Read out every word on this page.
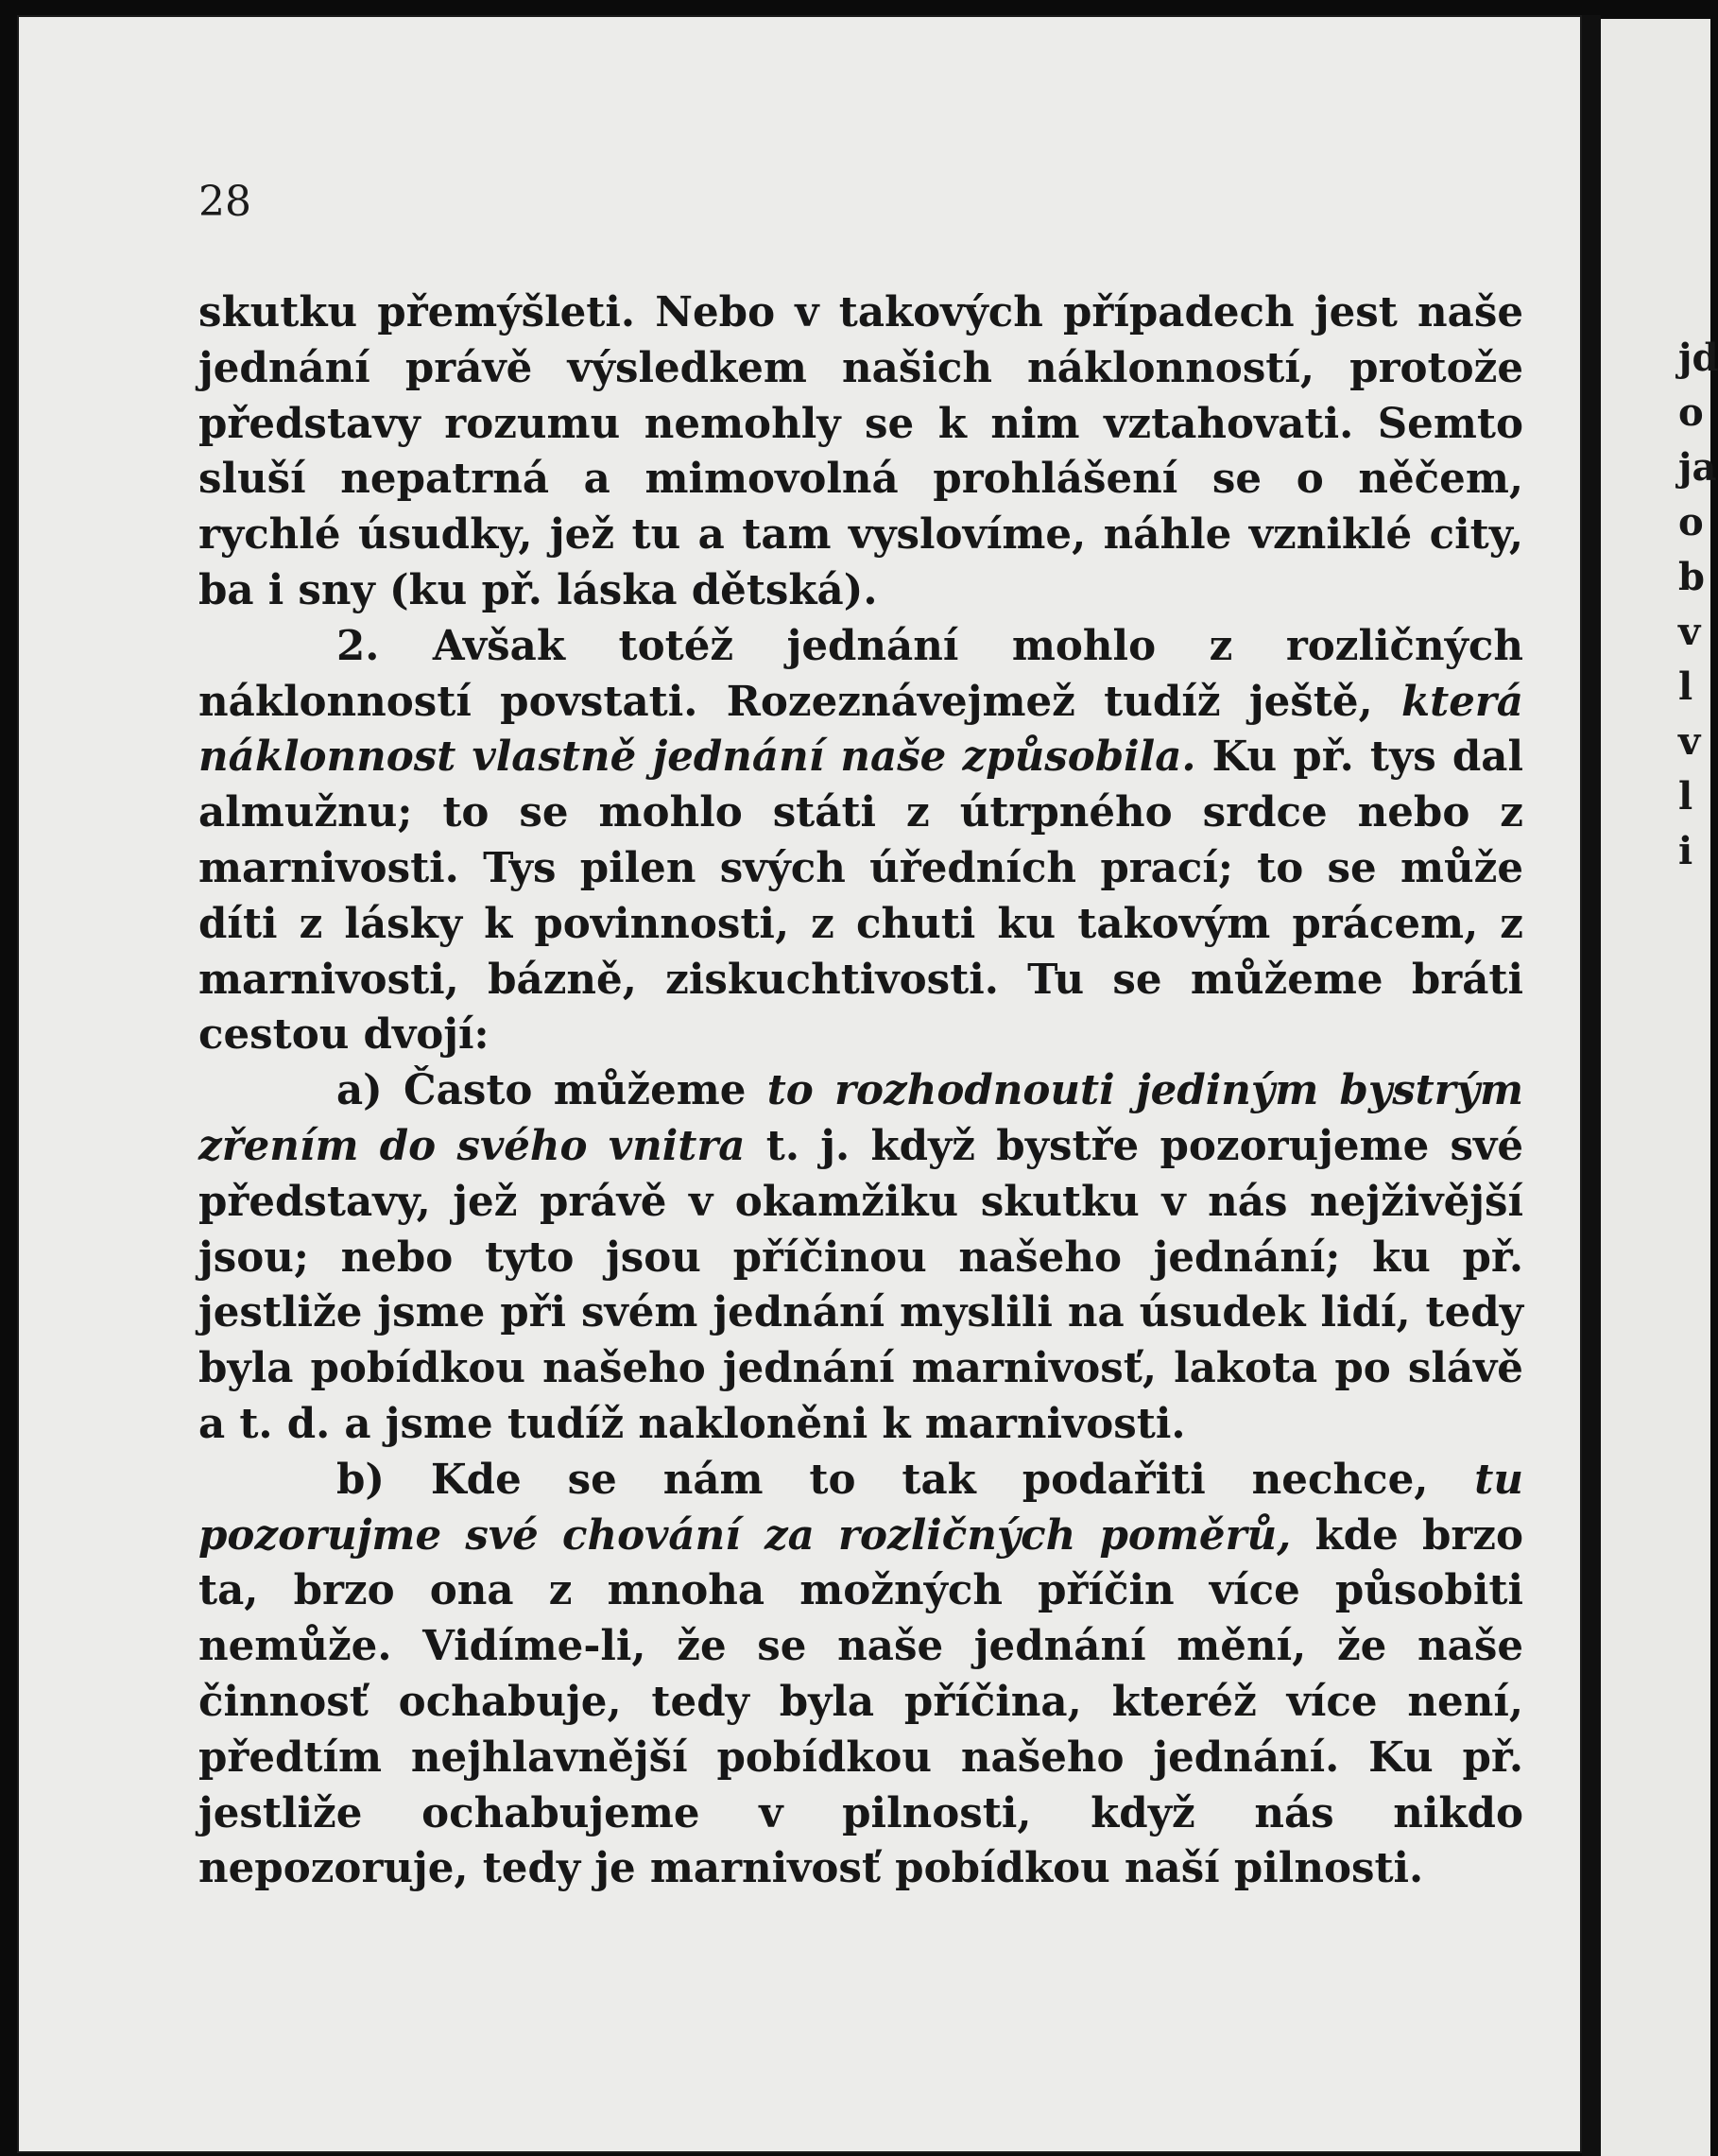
28

skutku přemýšleti. Nebo v takových případech jest naše jednání právě výsledkem našich náklonností, protože představy rozumu nemohly se k nim vztahovati. Semto sluší nepatrná a mimovolná prohlášení se o něčem, rychlé úsudky, jež tu a tam vyslovíme, náhle vzniklé city, ba i sny (ku př. láska dětská).

2. Avšak totéž jednání mohlo z rozličných náklonností povstati. Rozeznávejmež tudíž ještě, která náklonnost vlastně jednání naše způsobila. Ku př. tys dal almužnu; to se mohlo státi z útrpného srdce nebo z marnivosti. Tys pilen svých úředních prací; to se může díti z lásky k povinnosti, z chuti ku takovým prácem, z marnivosti, bázně, ziskuchtivosti. Tu se můžeme bráti cestou dvojí:

a) Často můžeme to rozhodnouti jediným bystrým zřením do svého vnitra t. j. když bystře pozorujeme své představy, jež právě v okamžiku skutku v nás nejživější jsou; nebo tyto jsou příčinou našeho jednání; ku př. jestliže jsme při svém jednání myslili na úsudek lidí, tedy byla pobídkou našeho jednání marnivosť, lakota po slávě a t. d. a jsme tudíž nakloněni k marnivosti.

b) Kde se nám to tak podařiti nechce, tu pozorujme své chování za rozličných poměrů, kde brzo ta, brzo ona z mnoha možných příčin více působiti nemůže. Vidíme-li, že se naše jednání mění, že naše činnosť ochabuje, tedy byla příčina, kteréž více není, předtím nejhlavnější pobídkou našeho jednání. Ku př. jestliže ochabujeme v pilnosti, když nás nikdo nepozoruje, tedy je marnivosť pobídkou naší pilnosti.

jd
o
ja
o
b
v
l
v
l
i
